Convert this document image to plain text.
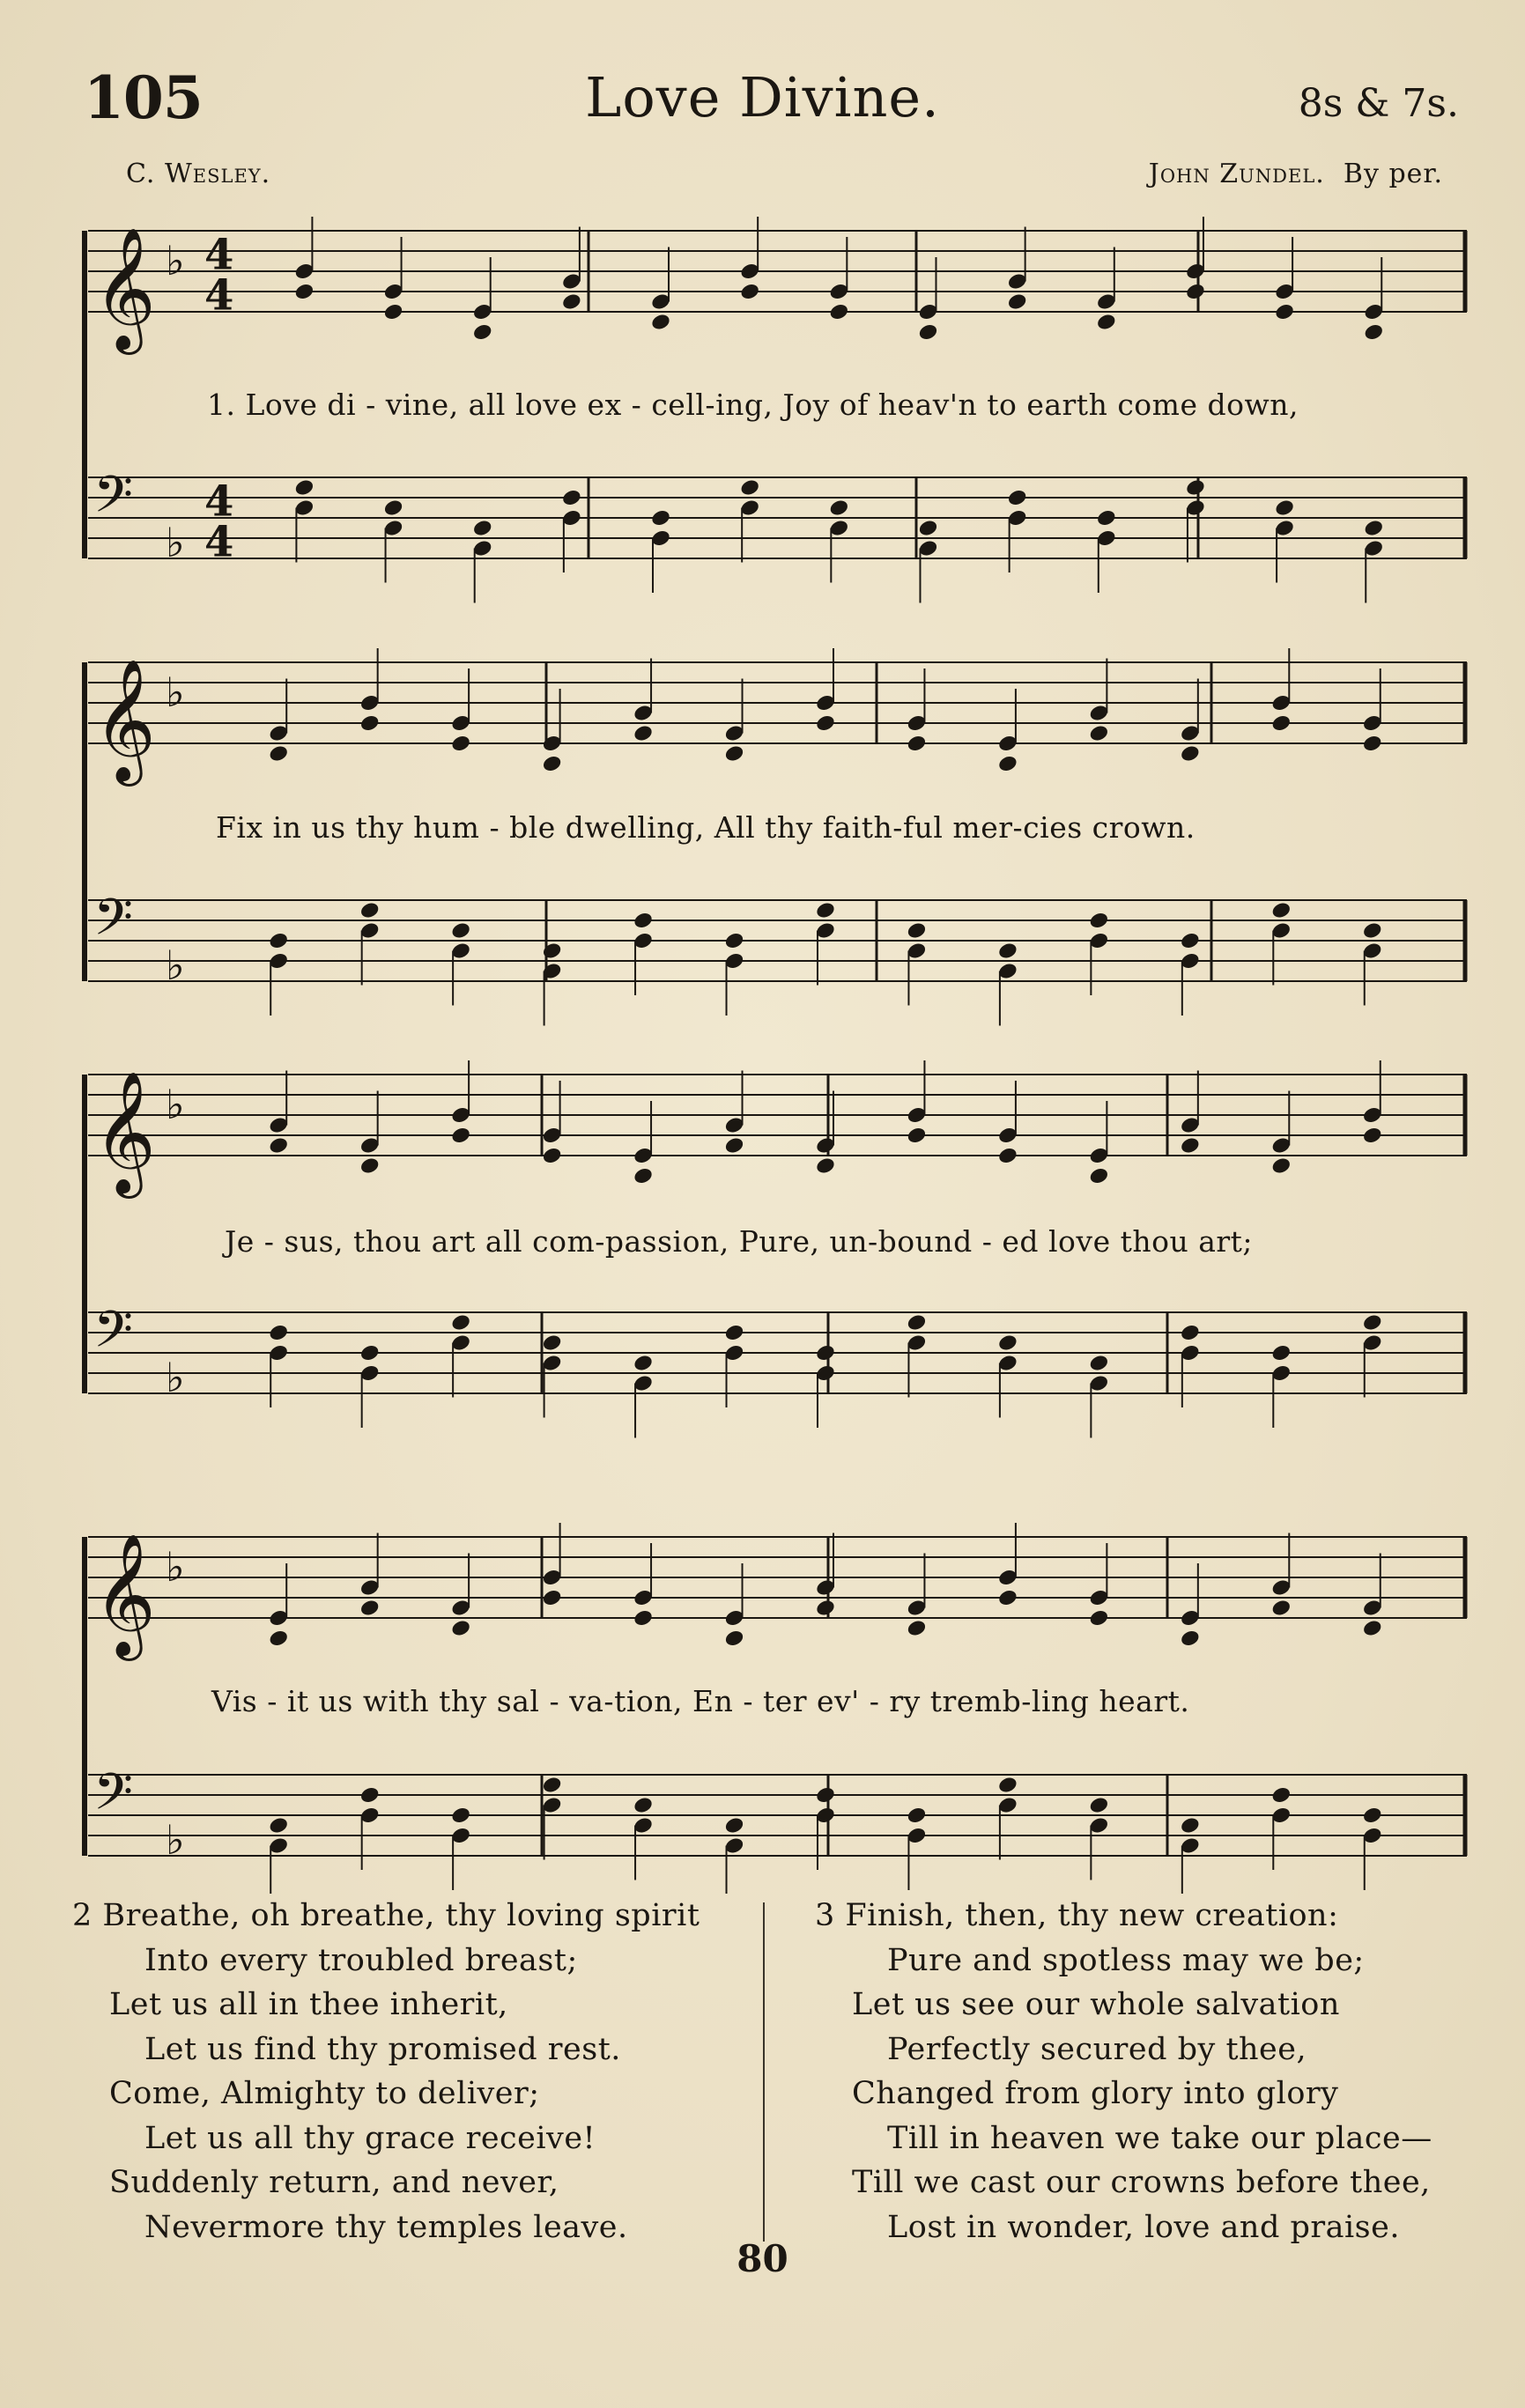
105	Love Divine.	8s & 7s.
C. Wesley.	John Zundel. By per.
𝄞 ♭ 4
4
𝄢
♭
4
4
𝄞 ♭
𝄢
♭
𝄞 ♭
𝄢
♭
𝄞 ♭
𝄢
♭
1. Love di - vine, all love ex - cell-ing, Joy of heav'n to earth come down,
Fix in us thy hum - ble dwelling, All thy faith-ful mer-cies crown.
Je - sus, thou art all com-passion, Pure, un-bound - ed love thou art;
Vis - it us with thy sal - va-tion, En - ter ev' - ry tremb-ling heart.
2 Breathe, oh breathe, thy loving spirit
Into every troubled breast;
Let us all in thee inherit,
Let us find thy promised rest.
Come, Almighty to deliver;
Let us all thy grace receive!
Suddenly return, and never,
Nevermore thy temples leave.
3 Finish, then, thy new creation:
Pure and spotless may we be;
Let us see our whole salvation
Perfectly secured by thee,
Changed from glory into glory
Till in heaven we take our place—
Till we cast our crowns before thee,
Lost in wonder, love and praise.
80
